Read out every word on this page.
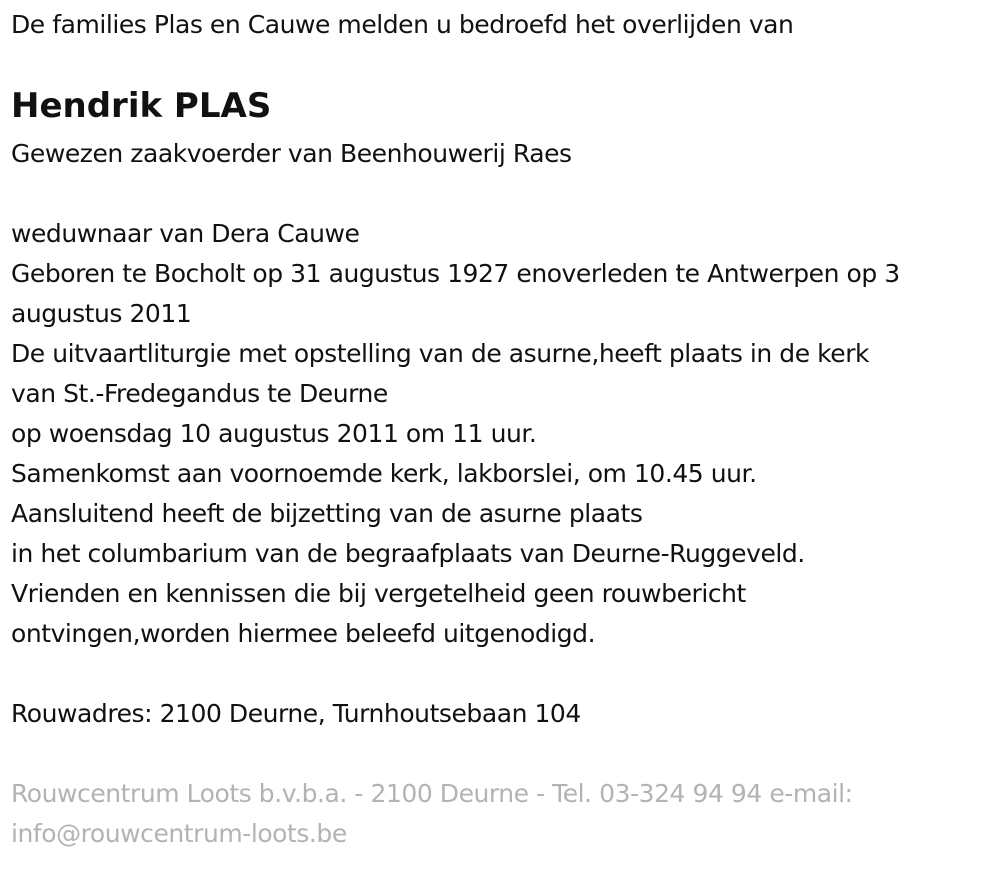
De families Plas en Cauwe melden u bedroefd het overlijden van
Hendrik PLAS
Gewezen zaakvoerder van Beenhouwerij Raes
weduwnaar van Dera Cauwe
Geboren te Bocholt op 31 augustus 1927 enoverleden te Antwerpen op 3
augustus 2011
De uitvaartliturgie met opstelling van de asurne,heeft plaats in de kerk
van St.-Fredegandus te Deurne
op woensdag 10 augustus 2011 om 11 uur.
Samenkomst aan voornoemde kerk, lakborslei, om 10.45 uur.
Aansluitend heeft de bijzetting van de asurne plaats
in het columbarium van de begraafplaats van Deurne-Ruggeveld.
Vrienden en kennissen die bij vergetelheid geen rouwbericht
ontvingen,worden hiermee beleefd uitgenodigd.
Rouwadres: 2100 Deurne, Turnhoutsebaan 104
Rouwcentrum Loots b.v.b.a. - 2100 Deurne - Tel. 03-324 94 94 e-mail:
info@rouwcentrum-loots.be
